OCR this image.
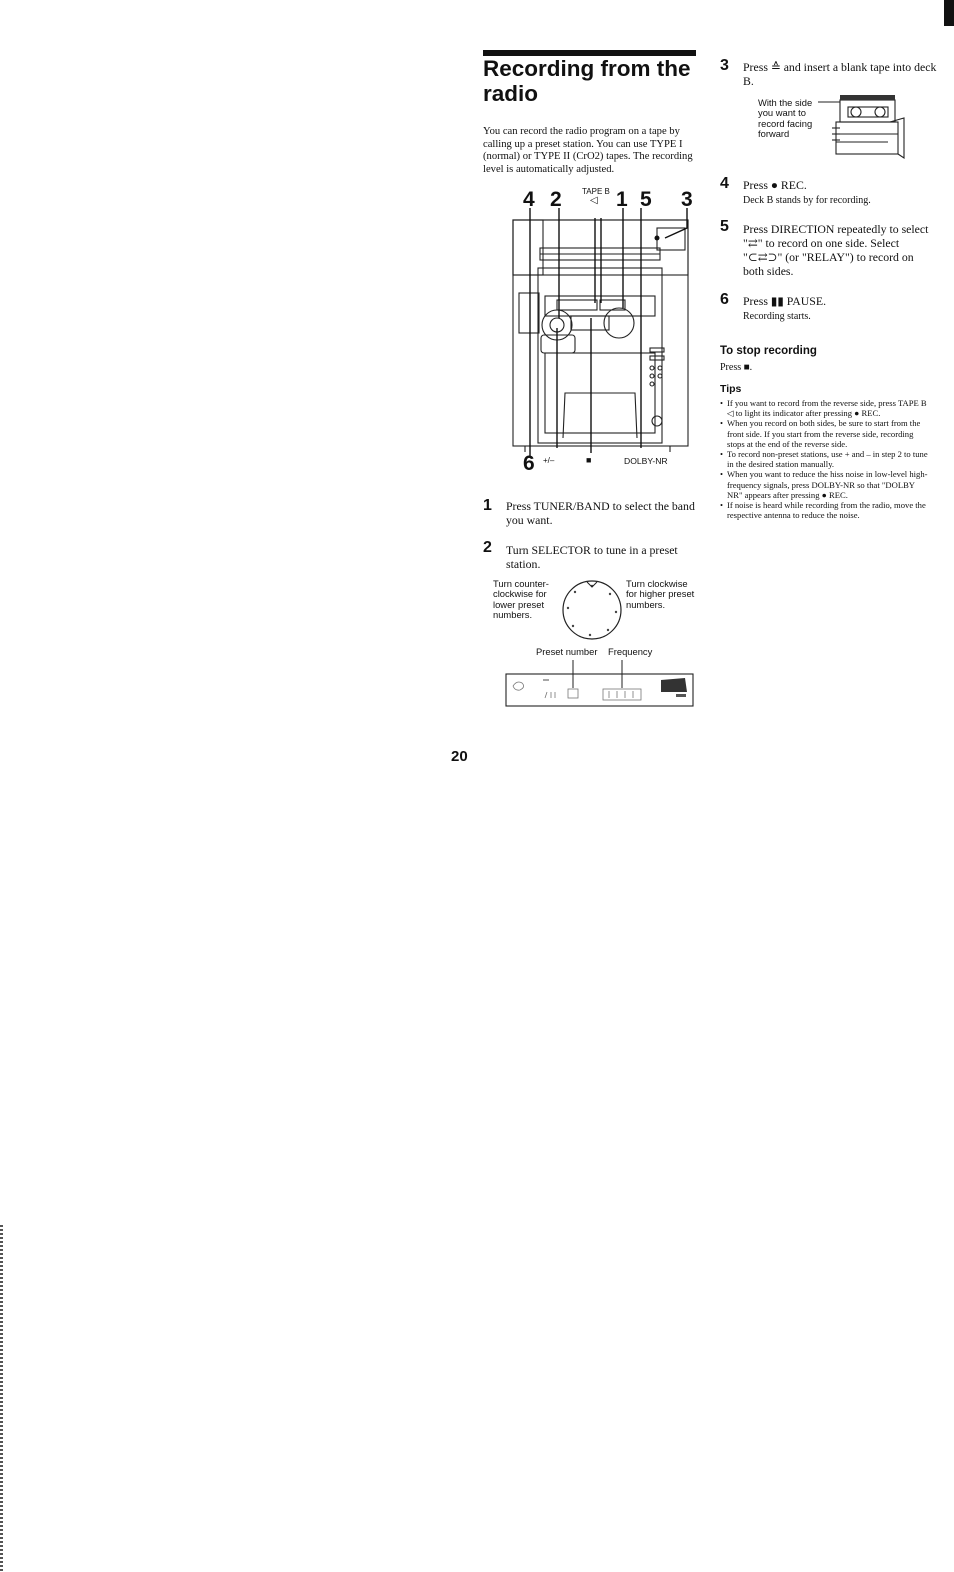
Recording from the radio
You can record the radio program on a tape by calling up a preset station. You can use TYPE I (normal) or TYPE II (CrO2) tapes. The recording level is automatically adjusted.
4 2	TAPE B
◁ 1 5 3
6 +/–	■	DOLBY-NR
1 Press TUNER/BAND to select the band you want.
2 Turn SELECTOR to tune in a preset station.
Turn counter-clockwise for lower preset numbers.
Turn clockwise for higher preset numbers.
Preset number Frequency
3 Press ≙ and insert a blank tape into deck B.
With the side you want to record facing forward
4 Press ● REC.
Deck B stands by for recording.
5 Press DIRECTION repeatedly to select "⇄" to record on one side. Select "⊂⇄⊃" (or "RELAY") to record on both sides.
6 Press ▮▮ PAUSE.
Recording starts.
To stop recording
Press ■.
Tips
• If you want to record from the reverse side, press TAPE B ◁ to light its indicator after pressing ● REC.
• When you record on both sides, be sure to start from the front side. If you start from the reverse side, recording stops at the end of the reverse side.
• To record non-preset stations, use + and – in step 2 to tune in the desired station manually.
• When you want to reduce the hiss noise in low-level high-frequency signals, press DOLBY-NR so that "DOLBY NR" appears after pressing ● REC.
• If noise is heard while recording from the radio, move the respective antenna to reduce the noise.
20
